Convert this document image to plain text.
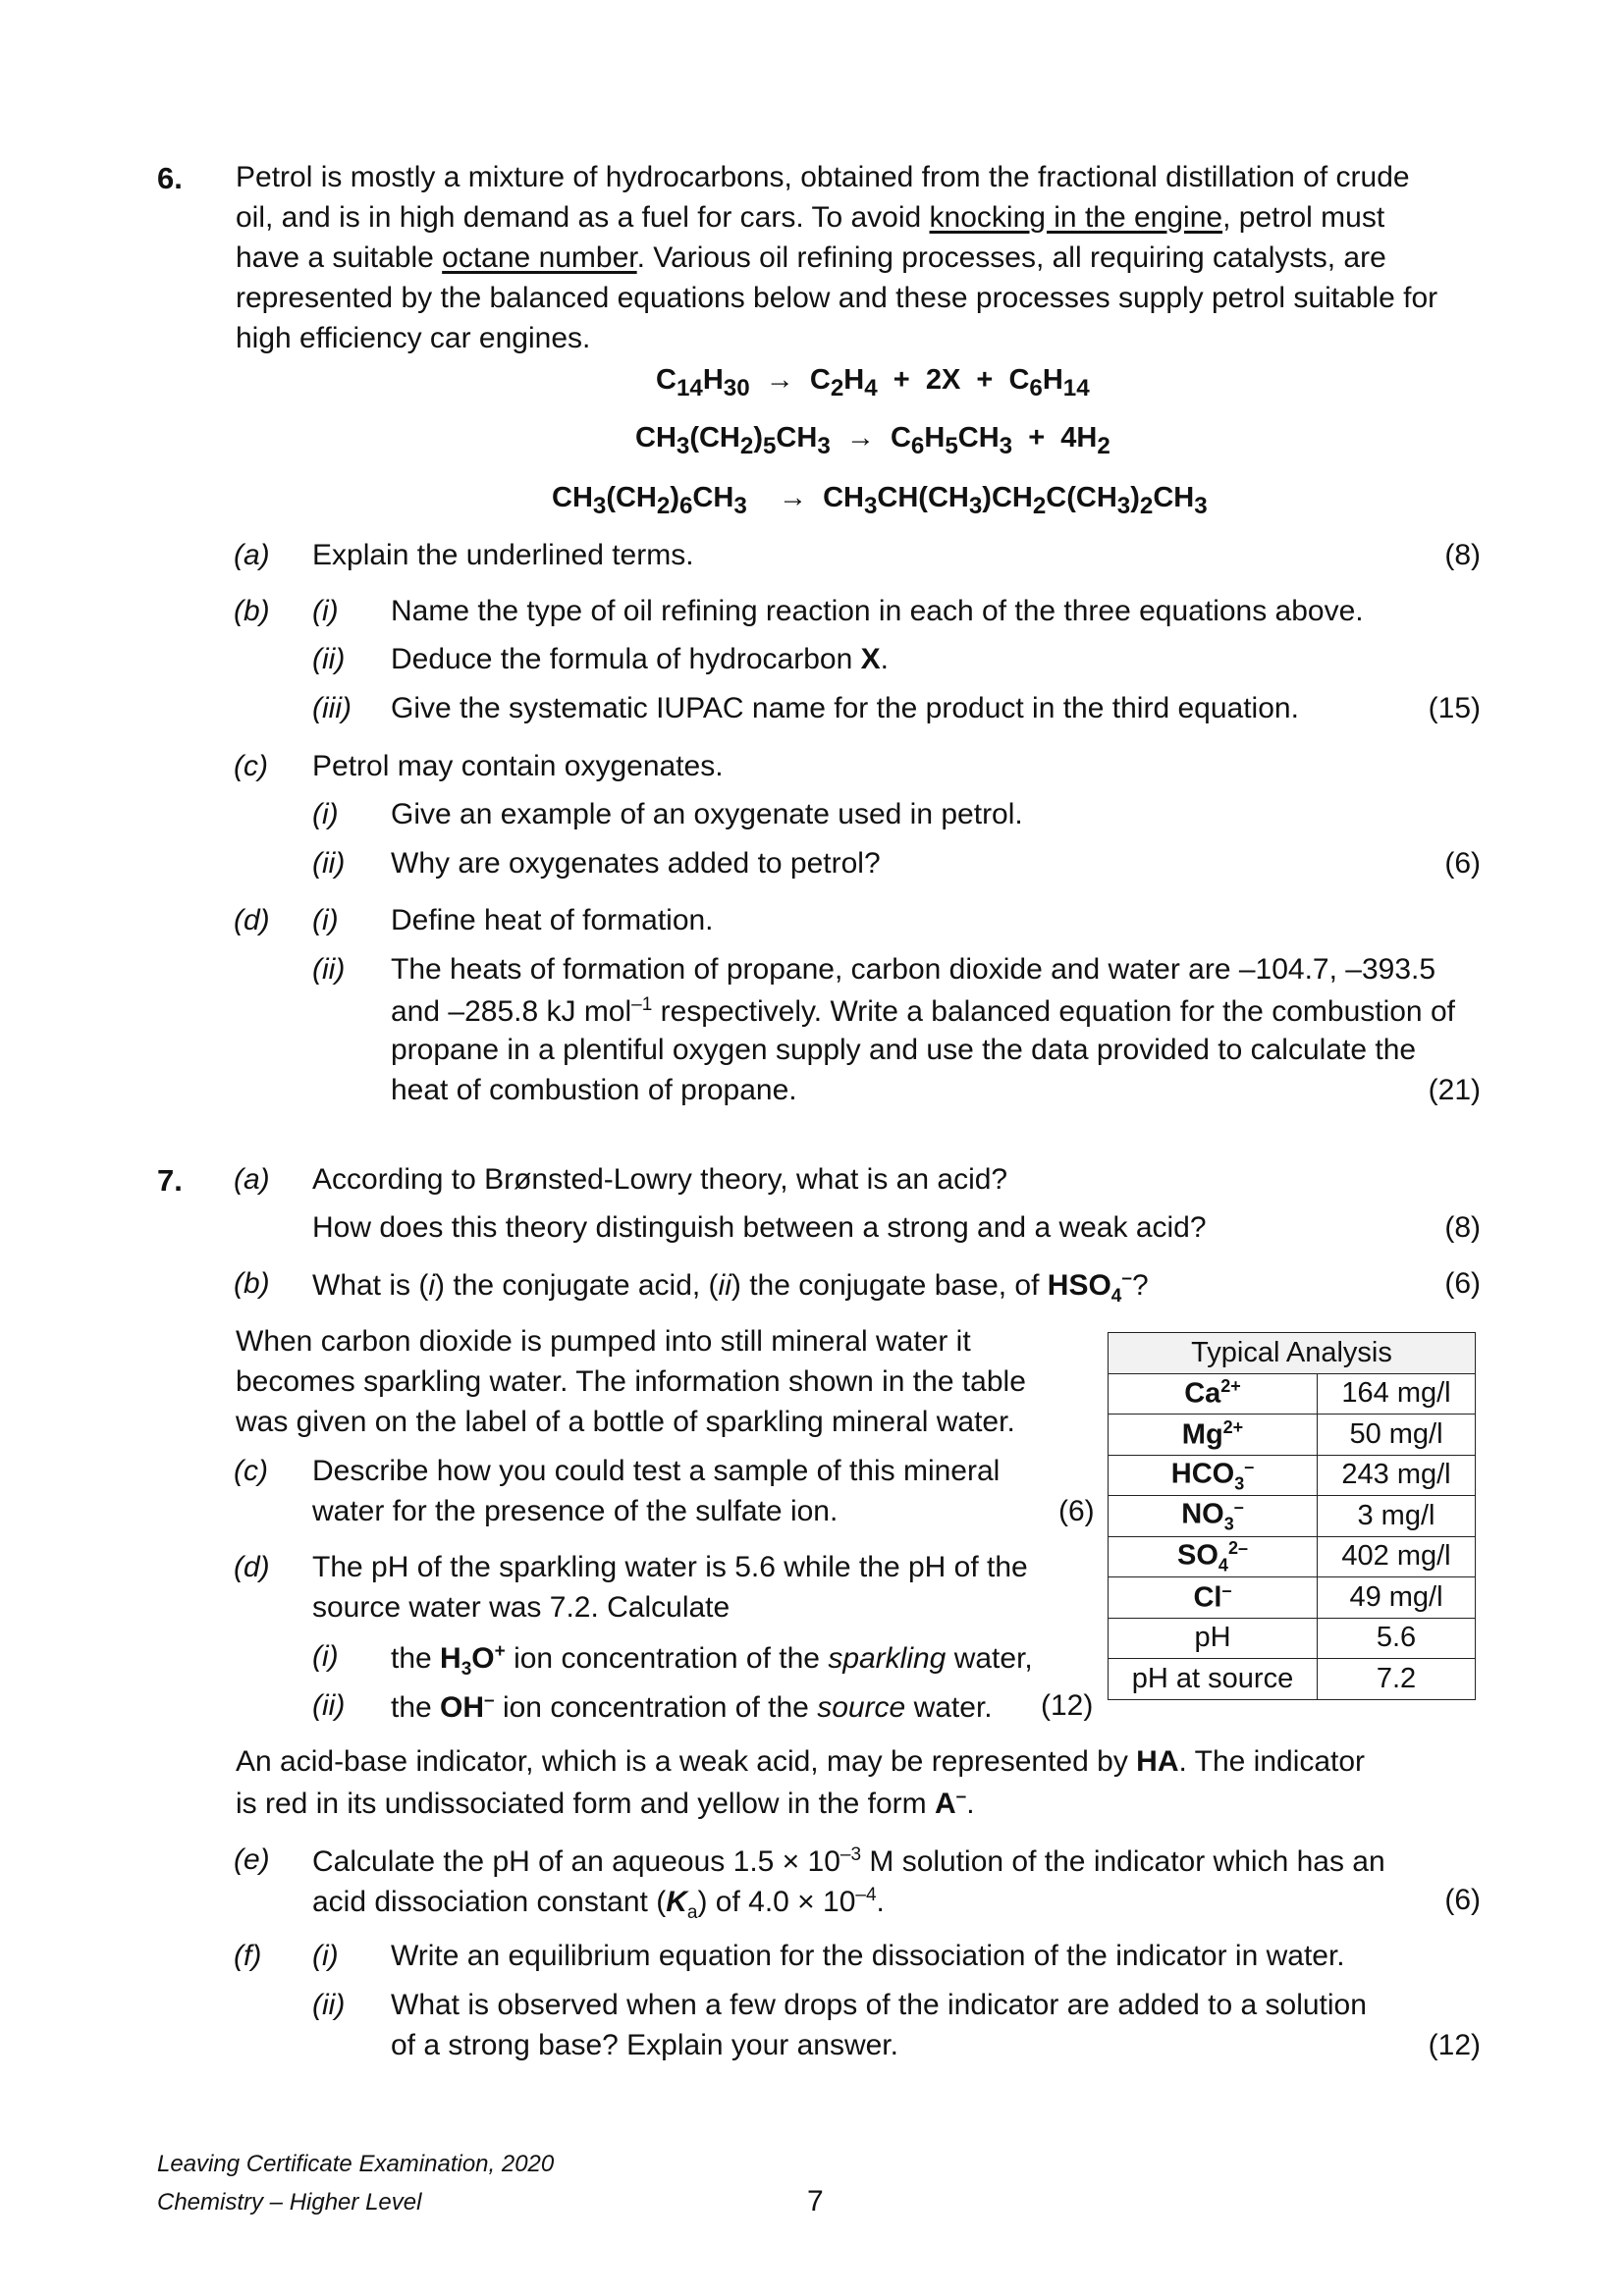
6. Petrol is mostly a mixture of hydrocarbons, obtained from the fractional distillation of crude
oil, and is in high demand as a fuel for cars. To avoid knocking in the engine, petrol must
have a suitable octane number. Various oil refining processes, all requiring catalysts, are
represented by the balanced equations below and these processes supply petrol suitable for
high efficiency car engines.
$C_{14}H_{30} \to C_2H_4 + 2X + C_6H_{14}$
$CH_3(CH_2)_5CH_3 \to C_6H_5CH_3 + 4H_2$
$CH_3(CH_2)_6CH_3$    →  $CH_3CH(CH_3)CH_2C(CH_3)_2CH_3$
(a) Explain the underlined terms.	(8)
(b) (i) Name the type of oil refining reaction in each of the three equations above.
(ii) Deduce the formula of hydrocarbon X.
(iii) Give the systematic IUPAC name for the product in the third equation.	(15)
(c) Petrol may contain oxygenates.
(i) Give an example of an oxygenate used in petrol.
(ii) Why are oxygenates added to petrol?	(6)
(d) (i) Define heat of formation.
(ii) The heats of formation of propane, carbon dioxide and water are –104.7, –393.5
and –285.8 kJ mol$^{-1}$ respectively. Write a balanced equation for the combustion of
propane in a plentiful oxygen supply and use the data provided to calculate the
heat of combustion of propane.	(21)
7. (a) According to Brønsted-Lowry theory, what is an acid?
How does this theory distinguish between a strong and a weak acid?	(8)
(b) What is (i) the conjugate acid, (ii) the conjugate base, of $HSO_4^-$?	(6)
When carbon dioxide is pumped into still mineral water it
becomes sparkling water. The information shown in the table
was given on the label of a bottle of sparkling mineral water.
(c) Describe how you could test a sample of this mineral
water for the presence of the sulfate ion.	(6)
(d) The pH of the sparkling water is 5.6 while the pH of the
source water was 7.2. Calculate
(i) the $H_3O^+$ ion concentration of the sparkling water,
(ii) the OH– ion concentration of the source water. (12)
Typical Analysis	
$Ca^{2+}$	164 mg/l
$Mg^{2+}$	50 mg/l
$HCO_3^-$	243 mg/l
$NO_3^-$	3 mg/l
$SO_4^{2-}$	402 mg/l
Cl–	49 mg/l
pH	5.6
pH at source	7.2
An acid-base indicator, which is a weak acid, may be represented by HA. The indicator
is red in its undissociated form and yellow in the form A–.
(e) Calculate the pH of an aqueous $1.5 \times 10^{-3}$ M solution of the indicator which has an
acid dissociation constant $(K_a)$ of $4.0 \times 10^{-4}$.	(6)
(f) (i) Write an equilibrium equation for the dissociation of the indicator in water.
(ii) What is observed when a few drops of the indicator are added to a solution
of a strong base? Explain your answer.	(12)
Leaving Certificate Examination, 2020
Chemistry – Higher Level	7
